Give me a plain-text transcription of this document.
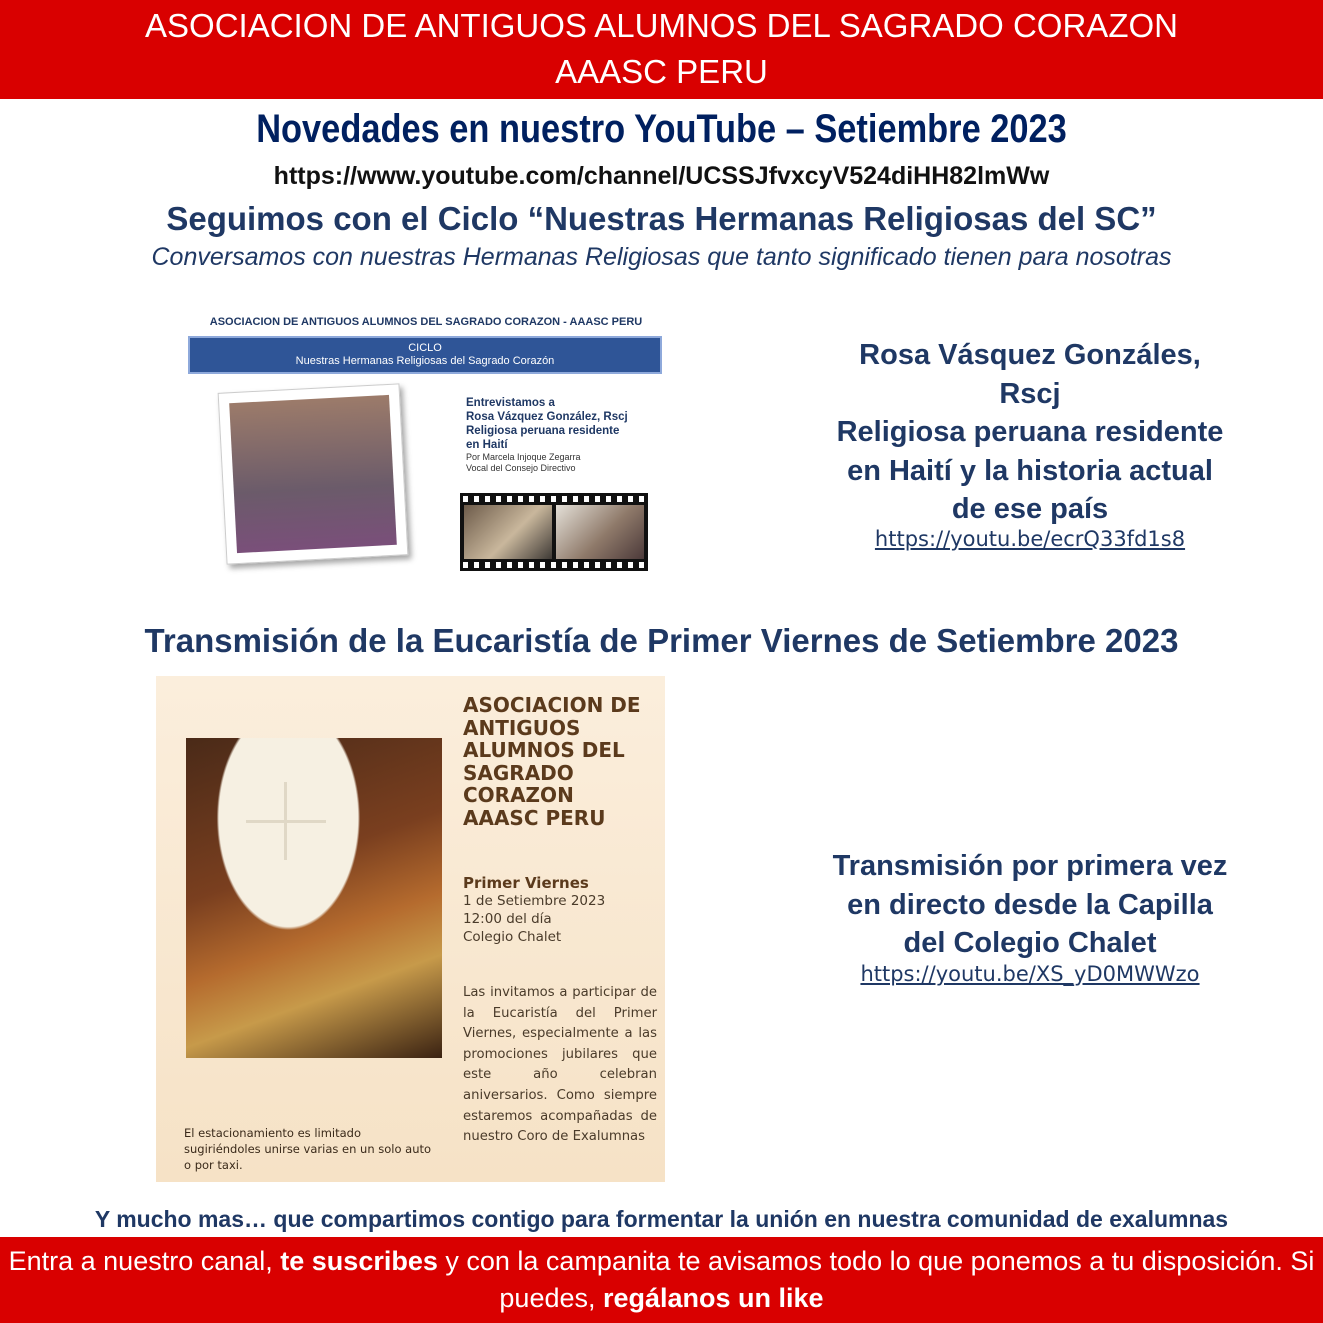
ASOCIACION DE ANTIGUOS ALUMNOS DEL SAGRADO CORAZON
AAASC PERU
Novedades en nuestro YouTube – Setiembre 2023
https://www.youtube.com/channel/UCSSJfvxcyV524diHH82lmWw
Seguimos con el Ciclo “Nuestras Hermanas Religiosas del SC”
Conversamos con nuestras Hermanas Religiosas que tanto significado tienen para nosotras
ASOCIACION DE ANTIGUOS ALUMNOS DEL SAGRADO CORAZON - AAASC PERU
CICLO
Nuestras Hermanas Religiosas del Sagrado Corazón
Entrevistamos a
Rosa Vázquez González, Rscj
Religiosa peruana residente
en Haití
Por Marcela Injoque Zegarra
Vocal del Consejo Directivo
Rosa Vásquez Gonzáles,
Rscj
Religiosa peruana residente
en Haití y la historia actual
de ese país
https://youtu.be/ecrQ33fd1s8
Transmisión de la Eucaristía de Primer Viernes de Setiembre 2023
ASOCIACION DE
ANTIGUOS
ALUMNOS DEL
SAGRADO
CORAZON
AAASC PERU
Primer Viernes
1 de Setiembre 2023
12:00 del día
Colegio Chalet
Las invitamos a participar de la Eucaristía del Primer Viernes, especialmente a las promociones jubilares que este año celebran aniversarios. Como siempre estaremos acompañadas de nuestro Coro de Exalumnas
El estacionamiento es limitado sugiriéndoles unirse varias en un solo auto o por taxi.
Transmisión por primera vez
en directo desde la Capilla
del Colegio Chalet
https://youtu.be/XS_yD0MWWzo
Y mucho mas… que compartimos contigo para formentar la unión en nuestra comunidad de exalumnas
Entra a nuestro canal, te suscribes y con la campanita te avisamos todo lo que ponemos a tu disposición. Si puedes, regálanos un like
